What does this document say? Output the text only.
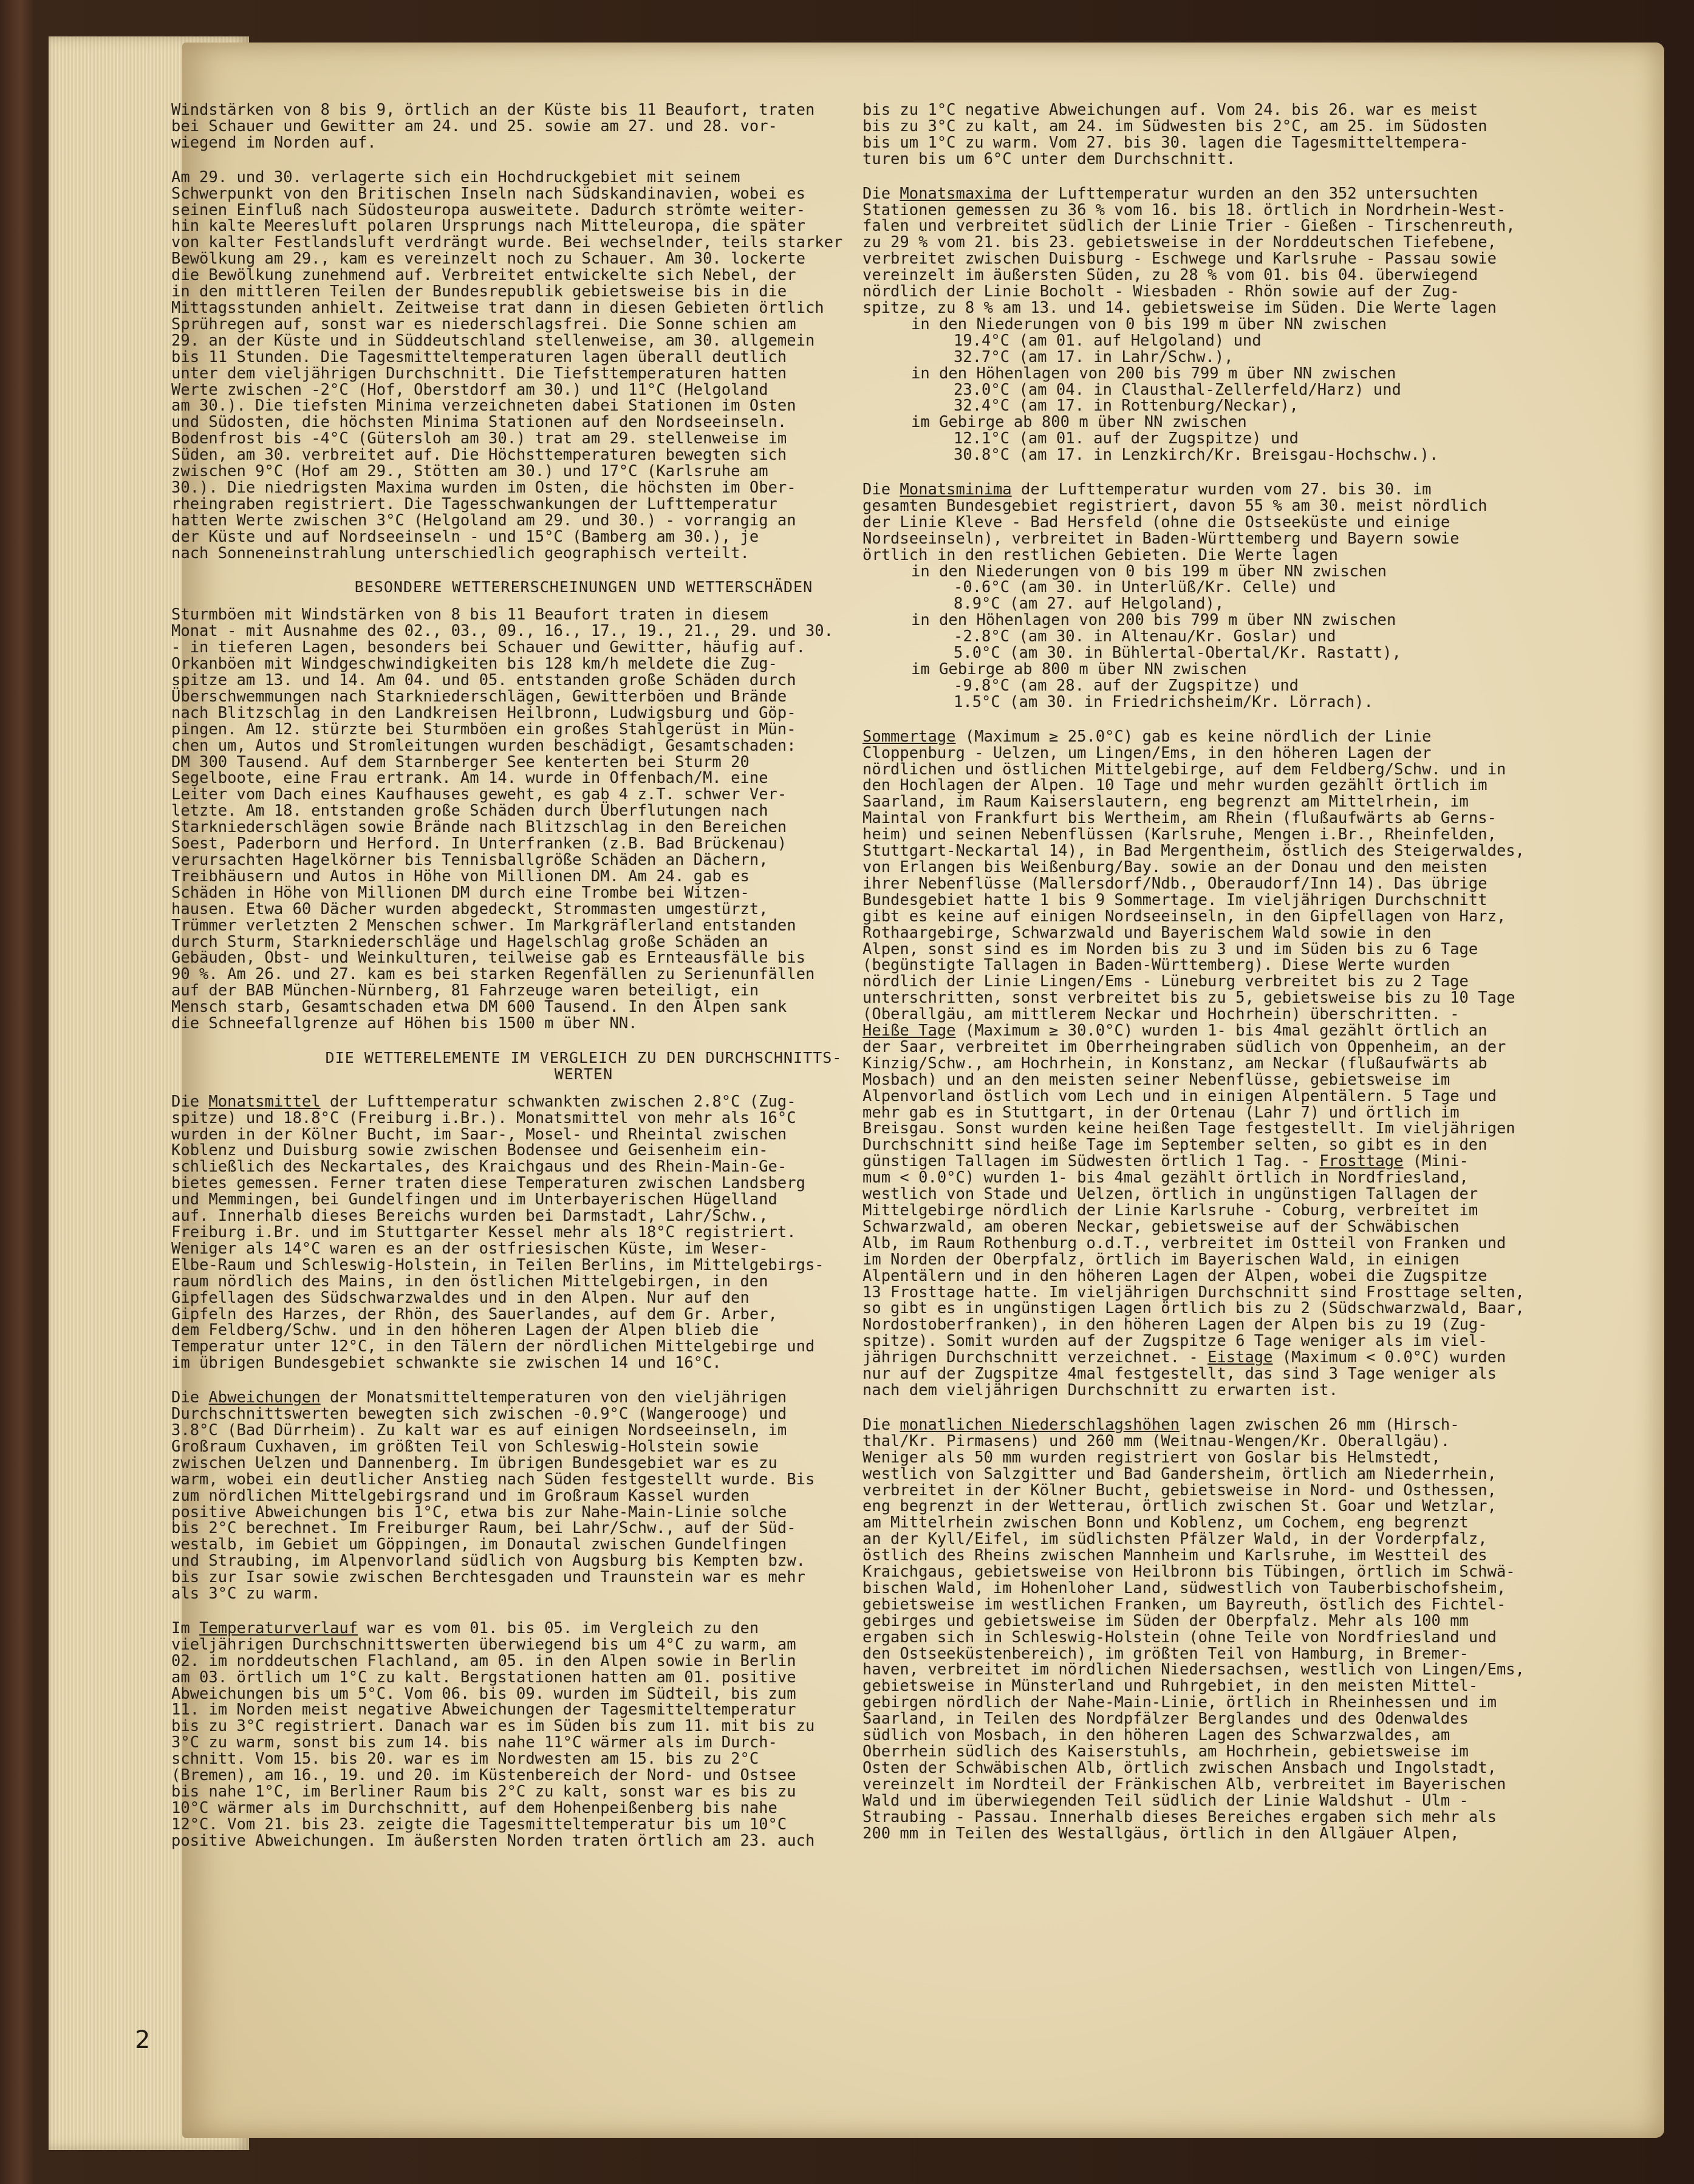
Windstärken von 8 bis 9, örtlich an der Küste bis 11 Beaufort, traten
bei Schauer und Gewitter am 24. und 25. sowie am 27. und 28. vor-
wiegend im Norden auf.

Am 29. und 30. verlagerte sich ein Hochdruckgebiet mit seinem
Schwerpunkt von den Britischen Inseln nach Südskandinavien, wobei es
seinen Einfluß nach Südosteuropa ausweitete. Dadurch strömte weiter-
hin kalte Meeresluft polaren Ursprungs nach Mitteleuropa, die später
von kalter Festlandsluft verdrängt wurde. Bei wechselnder, teils starker
Bewölkung am 29., kam es vereinzelt noch zu Schauer. Am 30. lockerte
die Bewölkung zunehmend auf. Verbreitet entwickelte sich Nebel, der
in den mittleren Teilen der Bundesrepublik gebietsweise bis in die
Mittagsstunden anhielt. Zeitweise trat dann in diesen Gebieten örtlich
Sprühregen auf, sonst war es niederschlagsfrei. Die Sonne schien am
29. an der Küste und in Süddeutschland stellenweise, am 30. allgemein
bis 11 Stunden. Die Tagesmitteltemperaturen lagen überall deutlich
unter dem vieljährigen Durchschnitt. Die Tiefsttemperaturen hatten
Werte zwischen -2°C (Hof, Oberstdorf am 30.) und 11°C (Helgoland
am 30.). Die tiefsten Minima verzeichneten dabei Stationen im Osten
und Südosten, die höchsten Minima Stationen auf den Nordseeinseln.
Bodenfrost bis -4°C (Gütersloh am 30.) trat am 29. stellenweise im
Süden, am 30. verbreitet auf. Die Höchsttemperaturen bewegten sich
zwischen 9°C (Hof am 29., Stötten am 30.) und 17°C (Karlsruhe am
30.). Die niedrigsten Maxima wurden im Osten, die höchsten im Ober-
rheingraben registriert. Die Tagesschwankungen der Lufttemperatur
hatten Werte zwischen 3°C (Helgoland am 29. und 30.) - vorrangig an
der Küste und auf Nordseeinseln - und 15°C (Bamberg am 30.), je
nach Sonneneinstrahlung unterschiedlich geographisch verteilt.

BESONDERE WETTERERSCHEINUNGEN UND WETTERSCHÄDEN

Sturmböen mit Windstärken von 8 bis 11 Beaufort traten in diesem
Monat - mit Ausnahme des 02., 03., 09., 16., 17., 19., 21., 29. und 30.
- in tieferen Lagen, besonders bei Schauer und Gewitter, häufig auf.
Orkanböen mit Windgeschwindigkeiten bis 128 km/h meldete die Zug-
spitze am 13. und 14. Am 04. und 05. entstanden große Schäden durch
Überschwemmungen nach Starkniederschlägen, Gewitterböen und Brände
nach Blitzschlag in den Landkreisen Heilbronn, Ludwigsburg und Göp-
pingen. Am 12. stürzte bei Sturmböen ein großes Stahlgerüst in Mün-
chen um, Autos und Stromleitungen wurden beschädigt, Gesamtschaden:
DM 300 Tausend. Auf dem Starnberger See kenterten bei Sturm 20
Segelboote, eine Frau ertrank. Am 14. wurde in Offenbach/M. eine
Leiter vom Dach eines Kaufhauses geweht, es gab 4 z.T. schwer Ver-
letzte. Am 18. entstanden große Schäden durch Überflutungen nach
Starkniederschlägen sowie Brände nach Blitzschlag in den Bereichen
Soest, Paderborn und Herford. In Unterfranken (z.B. Bad Brückenau)
verursachten Hagelkörner bis Tennisballgröße Schäden an Dächern,
Treibhäusern und Autos in Höhe von Millionen DM. Am 24. gab es
Schäden in Höhe von Millionen DM durch eine Trombe bei Witzen-
hausen. Etwa 60 Dächer wurden abgedeckt, Strommasten umgestürzt,
Trümmer verletzten 2 Menschen schwer. Im Markgräflerland entstanden
durch Sturm, Starkniederschläge und Hagelschlag große Schäden an
Gebäuden, Obst- und Weinkulturen, teilweise gab es Ernteausfälle bis
90 %. Am 26. und 27. kam es bei starken Regenfällen zu Serienunfällen
auf der BAB München-Nürnberg, 81 Fahrzeuge waren beteiligt, ein
Mensch starb, Gesamtschaden etwa DM 600 Tausend. In den Alpen sank
die Schneefallgrenze auf Höhen bis 1500 m über NN.

DIE WETTERELEMENTE IM VERGLEICH ZU DEN DURCHSCHNITTS-
WERTEN

Die Monatsmittel der Lufttemperatur schwankten zwischen 2.8°C (Zug-
spitze) und 18.8°C (Freiburg i.Br.). Monatsmittel von mehr als 16°C
wurden in der Kölner Bucht, im Saar-, Mosel- und Rheintal zwischen
Koblenz und Duisburg sowie zwischen Bodensee und Geisenheim ein-
schließlich des Neckartales, des Kraichgaus und des Rhein-Main-Ge-
bietes gemessen. Ferner traten diese Temperaturen zwischen Landsberg
und Memmingen, bei Gundelfingen und im Unterbayerischen Hügelland
auf. Innerhalb dieses Bereichs wurden bei Darmstadt, Lahr/Schw.,
Freiburg i.Br. und im Stuttgarter Kessel mehr als 18°C registriert.
Weniger als 14°C waren es an der ostfriesischen Küste, im Weser-
Elbe-Raum und Schleswig-Holstein, in Teilen Berlins, im Mittelgebirgs-
raum nördlich des Mains, in den östlichen Mittelgebirgen, in den
Gipfellagen des Südschwarzwaldes und in den Alpen. Nur auf den
Gipfeln des Harzes, der Rhön, des Sauerlandes, auf dem Gr. Arber,
dem Feldberg/Schw. und in den höheren Lagen der Alpen blieb die
Temperatur unter 12°C, in den Tälern der nördlichen Mittelgebirge und
im übrigen Bundesgebiet schwankte sie zwischen 14 und 16°C.

Die Abweichungen der Monatsmitteltemperaturen von den vieljährigen
Durchschnittswerten bewegten sich zwischen -0.9°C (Wangerooge) und
3.8°C (Bad Dürrheim). Zu kalt war es auf einigen Nordseeinseln, im
Großraum Cuxhaven, im größten Teil von Schleswig-Holstein sowie
zwischen Uelzen und Dannenberg. Im übrigen Bundesgebiet war es zu
warm, wobei ein deutlicher Anstieg nach Süden festgestellt wurde. Bis
zum nördlichen Mittelgebirgsrand und im Großraum Kassel wurden
positive Abweichungen bis 1°C, etwa bis zur Nahe-Main-Linie solche
bis 2°C berechnet. Im Freiburger Raum, bei Lahr/Schw., auf der Süd-
westalb, im Gebiet um Göppingen, im Donautal zwischen Gundelfingen
und Straubing, im Alpenvorland südlich von Augsburg bis Kempten bzw.
bis zur Isar sowie zwischen Berchtesgaden und Traunstein war es mehr
als 3°C zu warm.

Im Temperaturverlauf war es vom 01. bis 05. im Vergleich zu den
vieljährigen Durchschnittswerten überwiegend bis um 4°C zu warm, am
02. im norddeutschen Flachland, am 05. in den Alpen sowie in Berlin
am 03. örtlich um 1°C zu kalt. Bergstationen hatten am 01. positive
Abweichungen bis um 5°C. Vom 06. bis 09. wurden im Südteil, bis zum
11. im Norden meist negative Abweichungen der Tagesmitteltemperatur
bis zu 3°C registriert. Danach war es im Süden bis zum 11. mit bis zu
3°C zu warm, sonst bis zum 14. bis nahe 11°C wärmer als im Durch-
schnitt. Vom 15. bis 20. war es im Nordwesten am 15. bis zu 2°C
(Bremen), am 16., 19. und 20. im Küstenbereich der Nord- und Ostsee
bis nahe 1°C, im Berliner Raum bis 2°C zu kalt, sonst war es bis zu
10°C wärmer als im Durchschnitt, auf dem Hohenpeißenberg bis nahe
12°C. Vom 21. bis 23. zeigte die Tagesmitteltemperatur bis um 10°C
positive Abweichungen. Im äußersten Norden traten örtlich am 23. auch

bis zu 1°C negative Abweichungen auf. Vom 24. bis 26. war es meist
bis zu 3°C zu kalt, am 24. im Südwesten bis 2°C, am 25. im Südosten
bis um 1°C zu warm. Vom 27. bis 30. lagen die Tagesmitteltempera-
turen bis um 6°C unter dem Durchschnitt.

Die Monatsmaxima der Lufttemperatur wurden an den 352 untersuchten
Stationen gemessen zu 36 % vom 16. bis 18. örtlich in Nordrhein-West-
falen und verbreitet südlich der Linie Trier - Gießen - Tirschenreuth,
zu 29 % vom 21. bis 23. gebietsweise in der Norddeutschen Tiefebene,
verbreitet zwischen Duisburg - Eschwege und Karlsruhe - Passau sowie
vereinzelt im äußersten Süden, zu 28 % vom 01. bis 04. überwiegend
nördlich der Linie Bocholt - Wiesbaden - Rhön sowie auf der Zug-
spitze, zu 8 % am 13. und 14. gebietsweise im Süden. Die Werte lagen

in den Niederungen von 0 bis 199 m über NN zwischen

19.4°C (am 01. auf Helgoland) und
32.7°C (am 17. in Lahr/Schw.),

in den Höhenlagen von 200 bis 799 m über NN zwischen

23.0°C (am 04. in Clausthal-Zellerfeld/Harz) und
32.4°C (am 17. in Rottenburg/Neckar),

im Gebirge ab 800 m über NN zwischen

12.1°C (am 01. auf der Zugspitze) und
30.8°C (am 17. in Lenzkirch/Kr. Breisgau-Hochschw.).

Die Monatsminima der Lufttemperatur wurden vom 27. bis 30. im
gesamten Bundesgebiet registriert, davon 55 % am 30. meist nördlich
der Linie Kleve - Bad Hersfeld (ohne die Ostseeküste und einige
Nordseeinseln), verbreitet in Baden-Württemberg und Bayern sowie
örtlich in den restlichen Gebieten. Die Werte lagen

in den Niederungen von 0 bis 199 m über NN zwischen

-0.6°C (am 30. in Unterlüß/Kr. Celle) und
8.9°C (am 27. auf Helgoland),

in den Höhenlagen von 200 bis 799 m über NN zwischen

-2.8°C (am 30. in Altenau/Kr. Goslar) und
5.0°C (am 30. in Bühlertal-Obertal/Kr. Rastatt),

im Gebirge ab 800 m über NN zwischen

-9.8°C (am 28. auf der Zugspitze) und
1.5°C (am 30. in Friedrichsheim/Kr. Lörrach).

Sommertage (Maximum ≥ 25.0°C) gab es keine nördlich der Linie
Cloppenburg - Uelzen, um Lingen/Ems, in den höheren Lagen der
nördlichen und östlichen Mittelgebirge, auf dem Feldberg/Schw. und in
den Hochlagen der Alpen. 10 Tage und mehr wurden gezählt örtlich im
Saarland, im Raum Kaiserslautern, eng begrenzt am Mittelrhein, im
Maintal von Frankfurt bis Wertheim, am Rhein (flußaufwärts ab Gerns-
heim) und seinen Nebenflüssen (Karlsruhe, Mengen i.Br., Rheinfelden,
Stuttgart-Neckartal 14), in Bad Mergentheim, östlich des Steigerwaldes,
von Erlangen bis Weißenburg/Bay. sowie an der Donau und den meisten
ihrer Nebenflüsse (Mallersdorf/Ndb., Oberaudorf/Inn 14). Das übrige
Bundesgebiet hatte 1 bis 9 Sommertage. Im vieljährigen Durchschnitt
gibt es keine auf einigen Nordseeinseln, in den Gipfellagen von Harz,
Rothaargebirge, Schwarzwald und Bayerischem Wald sowie in den
Alpen, sonst sind es im Norden bis zu 3 und im Süden bis zu 6 Tage
(begünstigte Tallagen in Baden-Württemberg). Diese Werte wurden
nördlich der Linie Lingen/Ems - Lüneburg verbreitet bis zu 2 Tage
unterschritten, sonst verbreitet bis zu 5, gebietsweise bis zu 10 Tage
(Oberallgäu, am mittlerem Neckar und Hochrhein) überschritten. -
Heiße Tage (Maximum ≥ 30.0°C) wurden 1- bis 4mal gezählt örtlich an
der Saar, verbreitet im Oberrheingraben südlich von Oppenheim, an der
Kinzig/Schw., am Hochrhein, in Konstanz, am Neckar (flußaufwärts ab
Mosbach) und an den meisten seiner Nebenflüsse, gebietsweise im
Alpenvorland östlich vom Lech und in einigen Alpentälern. 5 Tage und
mehr gab es in Stuttgart, in der Ortenau (Lahr 7) und örtlich im
Breisgau. Sonst wurden keine heißen Tage festgestellt. Im vieljährigen
Durchschnitt sind heiße Tage im September selten, so gibt es in den
günstigen Tallagen im Südwesten örtlich 1 Tag. - Frosttage (Mini-
mum < 0.0°C) wurden 1- bis 4mal gezählt örtlich in Nordfriesland,
westlich von Stade und Uelzen, örtlich in ungünstigen Tallagen der
Mittelgebirge nördlich der Linie Karlsruhe - Coburg, verbreitet im
Schwarzwald, am oberen Neckar, gebietsweise auf der Schwäbischen
Alb, im Raum Rothenburg o.d.T., verbreitet im Ostteil von Franken und
im Norden der Oberpfalz, örtlich im Bayerischen Wald, in einigen
Alpentälern und in den höheren Lagen der Alpen, wobei die Zugspitze
13 Frosttage hatte. Im vieljährigen Durchschnitt sind Frosttage selten,
so gibt es in ungünstigen Lagen örtlich bis zu 2 (Südschwarzwald, Baar,
Nordostoberfranken), in den höheren Lagen der Alpen bis zu 19 (Zug-
spitze). Somit wurden auf der Zugspitze 6 Tage weniger als im viel-
jährigen Durchschnitt verzeichnet. - Eistage (Maximum < 0.0°C) wurden
nur auf der Zugspitze 4mal festgestellt, das sind 3 Tage weniger als
nach dem vieljährigen Durchschnitt zu erwarten ist.

Die monatlichen Niederschlagshöhen lagen zwischen 26 mm (Hirsch-
thal/Kr. Pirmasens) und 260 mm (Weitnau-Wengen/Kr. Oberallgäu).
Weniger als 50 mm wurden registriert von Goslar bis Helmstedt,
westlich von Salzgitter und Bad Gandersheim, örtlich am Niederrhein,
verbreitet in der Kölner Bucht, gebietsweise in Nord- und Osthessen,
eng begrenzt in der Wetterau, örtlich zwischen St. Goar und Wetzlar,
am Mittelrhein zwischen Bonn und Koblenz, um Cochem, eng begrenzt
an der Kyll/Eifel, im südlichsten Pfälzer Wald, in der Vorderpfalz,
östlich des Rheins zwischen Mannheim und Karlsruhe, im Westteil des
Kraichgaus, gebietsweise von Heilbronn bis Tübingen, örtlich im Schwä-
bischen Wald, im Hohenloher Land, südwestlich von Tauberbischofsheim,
gebietsweise im westlichen Franken, um Bayreuth, östlich des Fichtel-
gebirges und gebietsweise im Süden der Oberpfalz. Mehr als 100 mm
ergaben sich in Schleswig-Holstein (ohne Teile von Nordfriesland und
den Ostseeküstenbereich), im größten Teil von Hamburg, in Bremer-
haven, verbreitet im nördlichen Niedersachsen, westlich von Lingen/Ems,
gebietsweise in Münsterland und Ruhrgebiet, in den meisten Mittel-
gebirgen nördlich der Nahe-Main-Linie, örtlich in Rheinhessen und im
Saarland, in Teilen des Nordpfälzer Berglandes und des Odenwaldes
südlich von Mosbach, in den höheren Lagen des Schwarzwaldes, am
Oberrhein südlich des Kaiserstuhls, am Hochrhein, gebietsweise im
Osten der Schwäbischen Alb, örtlich zwischen Ansbach und Ingolstadt,
vereinzelt im Nordteil der Fränkischen Alb, verbreitet im Bayerischen
Wald und im überwiegenden Teil südlich der Linie Waldshut - Ulm -
Straubing - Passau. Innerhalb dieses Bereiches ergaben sich mehr als
200 mm in Teilen des Westallgäus, örtlich in den Allgäuer Alpen,

2
